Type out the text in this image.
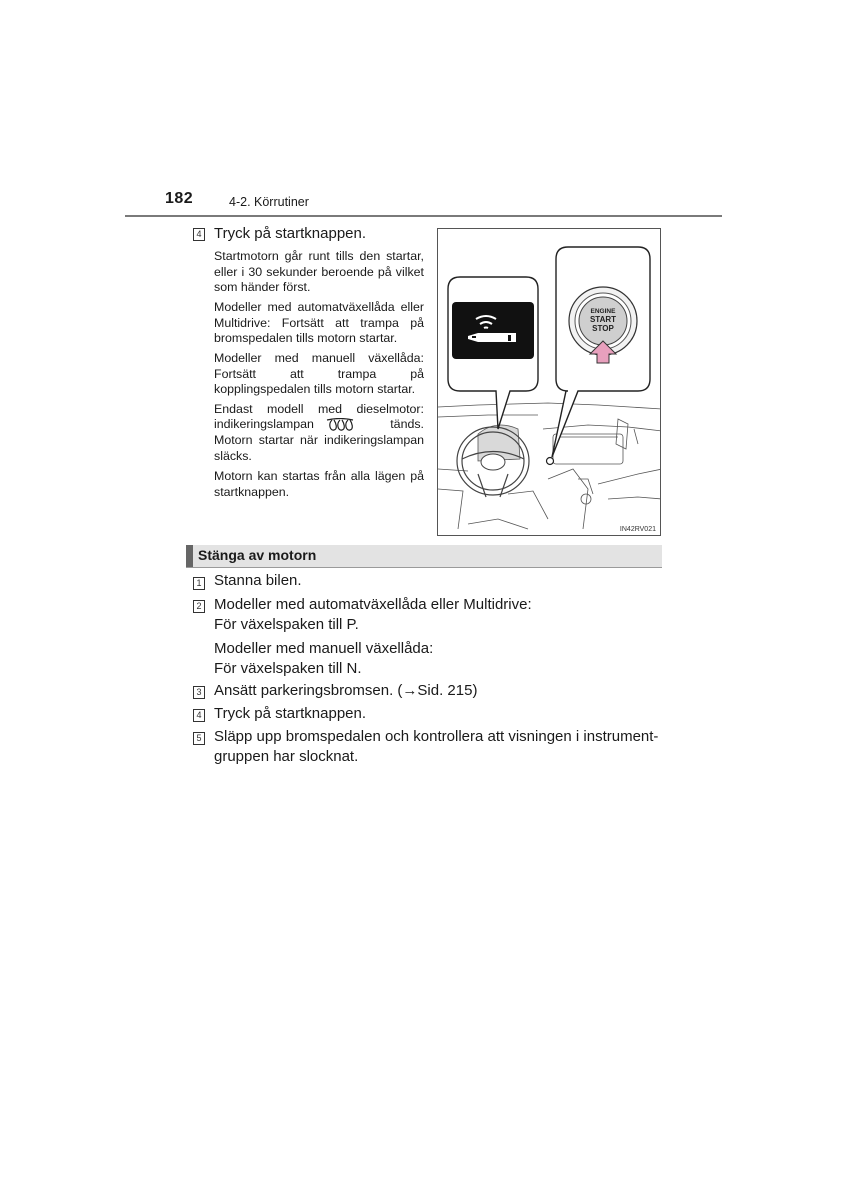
182	4-2. Körrutiner
4 Tryck på startknappen.

Startmotorn går runt tills den startar, eller i 30 sekunder beroende på vilket som händer först.

Modeller med automatväxellåda eller Multidrive: Fortsätt att trampa på bromspedalen tills motorn startar.

Modeller med manuell växellåda: Fortsätt att trampa på kopplingspedalen tills motorn startar.

Endast modell med dieselmotor:
indikeringslampan	tänds.

Motorn startar när indikeringslampan släcks.

Motorn kan startas från alla lägen på startknappen.

ENGINE
START
STOP
IN42RV021
Stänga av motorn
1 Stanna bilen.
2 Modeller med automatväxellåda eller Multidrive:
För växelspaken till P.
Modeller med manuell växellåda:
För växelspaken till N.
3 Ansätt parkeringsbromsen. (→Sid. 215)
4 Tryck på startknappen.
5 Släpp upp bromspedalen och kontrollera att visningen i instrument-
gruppen har slocknat.
